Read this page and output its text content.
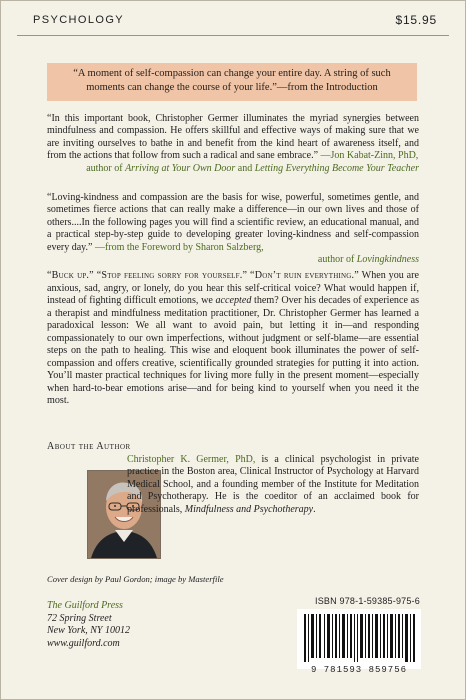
PSYCHOLOGY	$15.95
“A moment of self-compassion can change your entire day. A string of such moments can change the course of your life.”—from the Introduction

“In this important book, Christopher Germer illuminates the myriad synergies between mindfulness and compassion. He offers skillful and effective ways of making sure that we are inviting ourselves to bathe in and benefit from the kind heart of awareness itself, and from the actions that follow from such a radical and sane embrace.” —Jon Kabat-Zinn, PhD,
author of Arriving at Your Own Door and Letting Everything Become Your Teacher

“Loving-kindness and compassion are the basis for wise, powerful, sometimes gentle, and sometimes fierce actions that can really make a difference—in our own lives and those of others....In the following pages you will find a scientific review, an educational manual, and a practical step-by-step guide to developing greater loving-kindness and self-compassion every day.” —from the Foreword by Sharon Salzberg,
author of Lovingkindness

“Buck up.” “Stop feeling sorry for yourself.” “Don’t ruin everything.” When you are anxious, sad, angry, or lonely, do you hear this self-critical voice? What would happen if, instead of fighting difficult emotions, we accepted them? Over his decades of experience as a therapist and mindfulness meditation practitioner, Dr. Christopher Germer has learned a paradoxical lesson: We all want to avoid pain, but letting it in—and responding compassionately to our own imperfections, without judgment or self-blame—are essential steps on the path to healing. This wise and eloquent book illuminates the power of self-compassion and offers creative, scientifically grounded strategies for putting it into action. You’ll master practical techniques for living more fully in the present moment—especially when hard-to-bear emotions arise—and for being kind to yourself when you need it the most.

About the Author

Christopher K. Germer, PhD, is a clinical psychologist in private practice in the Boston area, Clinical Instructor of Psychology at Harvard Medical School, and a founding member of the Institute for Meditation and Psychotherapy. He is the coeditor of an acclaimed book for professionals, Mindfulness and Psychotherapy.

Cover design by Paul Gordon; image by Masterfile
The Guilford Press
72 Spring Street
New York, NY 10012
www.guilford.com
ISBN 978-1-59385-975-6
9 781593 859756
